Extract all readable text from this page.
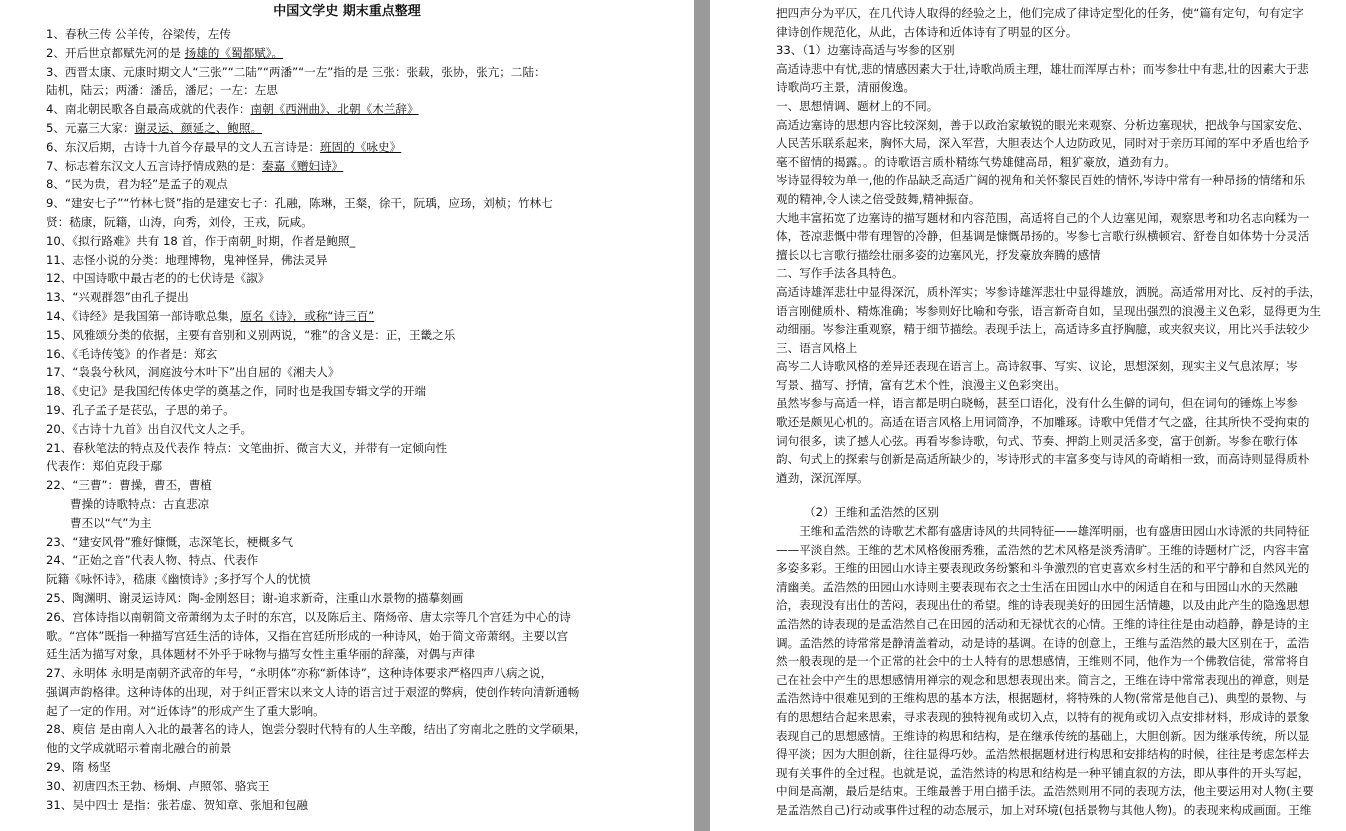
中国文学史 期末重点整理
1、春秋三传 公羊传，谷梁传，左传
2、开后世京都赋先河的是 扬雄的《蜀都赋》。
3、西晋太康、元康时期文人“三张”“二陆”“两潘”“一左”指的是 三张：张载，张协，张亢；二陆：
陆机，陆云；两潘：潘岳，潘尼；一左：左思
4、南北朝民歌各自最高成就的代表作：南朝《西洲曲》、北朝《木兰辞》
5、元嘉三大家：谢灵运、颜延之、鲍照。
6、东汉后期，古诗十九首今存最早的文人五言诗是：班固的《咏史》
7、标志着东汉文人五言诗抒情成熟的是：秦嘉《赠妇诗》
8、“民为贵，君为轻”是孟子的观点
9、“建安七子”“竹林七贤”指的是建安七子：孔融，陈琳，王粲，徐干，阮瑀，应玚，刘桢；竹林七
贤：嵇康，阮籍，山涛，向秀，刘伶，王戎，阮咸。
10、《拟行路难》共有 18 首，作于南朝_时期，作者是鲍照_
11、志怪小说的分类：地理博物，鬼神怪异，佛法灵异
12、中国诗歌中最古老的的七伏诗是《諔》
13、“兴观群怨”由孔子提出
14、《诗经》是我国第一部诗歌总集，原名《诗》，或称“诗三百”
15、风雅颂分类的依据，主要有音别和义别两说，“雅”的含义是：正，王畿之乐
16、《毛诗传笺》的作者是：郑玄
17、“袅袅兮秋风，洞庭波兮木叶下”出自屈的《湘夫人》
18、《史记》是我国纪传体史学的奠基之作，同时也是我国专辑文学的开端
19、孔子孟子是苌弘，子思的弟子。
20、《古诗十九首》出自汉代文人之手。
21、春秋笔法的特点及代表作 特点：文笔曲折、微言大义，并带有一定倾向性
代表作：郑伯克段于鄢
22、“三曹”：曹操，曹丕，曹植
曹操的诗歌特点：古直悲凉
曹丕以“气”为主
23、“建安风骨”雅好慷慨，志深笔长，梗概多气
24、“正始之音”代表人物、特点、代表作
阮籍《咏怀诗》，嵇康《幽愤诗》;多抒写个人的忧愤
25、陶渊明、谢灵运诗风：陶-金刚怒目；谢-追求新奇，注重山水景物的描摹刻画
26、宫体诗指以南朝简文帝萧纲为太子时的东宫，以及陈后主、隋炀帝、唐太宗等几个宫廷为中心的诗
歌。“宫体”既指一种描写宫廷生活的诗体，又指在宫廷所形成的一种诗风，始于简文帝萧纲。主要以宫
廷生活为描写对象，具体题材不外乎于咏物与描写女性主重华丽的辞藻，对偶与声律
27、永明体 永明是南朝齐武帝的年号，“永明体”亦称“新体诗”，这种诗体要求严格四声八病之说，
强调声韵格律。这种诗体的出现，对于纠正晋宋以来文人诗的语言过于艰涩的弊病，使创作转向清新通畅
起了一定的作用。对“近体诗”的形成产生了重大影响。
28、庾信 是由南人入北的最著名的诗人，饱尝分裂时代特有的人生辛酸，结出了穷南北之胜的文学硕果，
他的文学成就昭示着南北融合的前景
29、隋 杨坚
30、初唐四杰王勃、杨炯、卢照邻、骆宾王
31、吴中四士 是指：张若虚、贺知章、张旭和包融
把四声分为平仄，在几代诗人取得的经验之上，他们完成了律诗定型化的任务，使“篇有定句，句有定字
律诗创作规范化，从此，古体诗和近体诗有了明显的区分。
33、（1）边塞诗高适与岑参的区别
高适诗悲中有忧,悲的情感因素大于壮,诗歌尚质主理，雄壮而浑厚古朴；而岑参壮中有悲,壮的因素大于悲
诗歌尚巧主景，清丽俊逸。
一、思想情调、题材上的不同。
高适边塞诗的思想内容比较深刻，善于以政治家敏锐的眼光来观察、分析边塞现状，把战争与国家安危、
人民苦乐联系起来，胸怀大局，深入军营，大胆表达个人边防政见，同时对于亲历耳闻的军中矛盾也给予
毫不留情的揭露。。的诗歌语言质朴精练气势雄健高昂，粗犷豪放，遒劲有力。
岑诗显得较为单一,他的作品缺乏高适广阔的视角和关怀黎民百姓的情怀,岑诗中常有一种昂扬的情绪和乐
观的精神,令人读之倍受鼓舞,精神振奋。
大地丰富拓宽了边塞诗的描写题材和内容范围，高适将自己的个人边塞见闻，观察思考和功名志向糅为一
体，苍凉悲慨中带有理智的冷静，但基调是慷慨昂扬的。岑参七言歌行纵横顿宕、舒卷自如体势十分灵活
擅长以七言歌行描绘壮丽多姿的边塞风光，抒发豪放奔腾的感情
二、写作手法各具特色。
高适诗雄浑悲壮中显得深沉，质朴浑实；岑参诗雄浑悲壮中显得雄放，洒脱。高适常用对比、反衬的手法，
语言刚健质朴、精炼准确；岑参则好比喻和夸张，语言新奇自如，呈现出强烈的浪漫主义色彩，显得更为生
动细丽。岑参注重观察，精于细节描绘。表现手法上，高适诗多直抒胸臆，或夹叙夹议，用比兴手法较少
三、语言风格上
高岑二人诗歌风格的差异还表现在语言上。高诗叙事、写实、议论，思想深刻，现实主义气息浓厚；岑
写景、描写、抒情，富有艺术个性，浪漫主义色彩突出。
虽然岑参与高适一样，语言都是明白晓畅，甚至口语化，没有什么生僻的词句，但在词句的锤炼上岑参
歌还是颇见心机的。高适在语言风格上用词简净，不加雕琢。诗歌中凭借才气之盛，往其所快不受拘束的
词句很多，读了撼人心弦。再看岑参诗歌，句式、节奏、押韵上则灵活多变，富于创新。岑参在歌行体
韵、句式上的探索与创新是高适所缺少的，岑诗形式的丰富多变与诗风的奇峭相一致，而高诗则显得质朴
遒劲，深沉浑厚。
（2）王维和孟浩然的区别
王维和孟浩然的诗歌艺术都有盛唐诗风的共同特征——雄浑明丽，也有盛唐田园山水诗派的共同特征
——平淡自然。王维的艺术风格俊丽秀雅，孟浩然的艺术风格是淡秀清旷。王维的诗题材广泛，内容丰富
多姿多彩。王维的田园山水诗主要表现政务纷繁和斗争激烈的官吏喜欢乡村生活的和平宁静和自然风光的
清幽美。孟浩然的田园山水诗则主要表现布衣之士生活在田园山水中的闲适自在和与田园山水的天然融
洽，表现没有出仕的苦闷，表现出仕的希望。维的诗表现美好的田园生活情趣，以及由此产生的隐逸思想
孟浩然的诗表现的是孟浩然自己在田园的活动和无禄忧衣的心情。王维的诗往往是由动趋静，静是诗的主
调。孟浩然的诗常常是静清盖着动，动是诗的基调。在诗的创意上，王维与孟浩然的最大区别在于，孟浩
然一般表现的是一个正常的社会中的士人特有的思想感情，王维则不同，他作为一个佛教信徒，常常将自
己在社会中产生的思想感情用禅宗的观念和思想表现出来。简言之，王维在诗中常常表现出的禅意，则是
孟浩然诗中很难见到的王维构思的基本方法，根据题材，将特殊的人物(常常是他自己)、典型的景物、与
有的思想结合起来思索，寻求表现的独特视角或切入点，以特有的视角或切入点安排材料，形成诗的景象
表现自己的思想感情。王维诗的构思和结构，是在继承传统的基础上，大胆创新。因为继承传统，所以显
得平淡；因为大胆创新，往往显得巧妙。孟浩然根据题材进行构思和安排结构的时候，往往是考虑怎样去
现有关事件的全过程。也就是说，孟浩然诗的构思和结构是一种平铺直叙的方法，即从事件的开头写起，
中间是高潮，最后是结束。王维最善于用白描手法。孟浩然则用不同的表现方法，他主要运用对人物(主要
是孟浩然自己)行动或事件过程的动态展示，加上对环境(包括景物与其他人物)。的表现来构成画面。王维
